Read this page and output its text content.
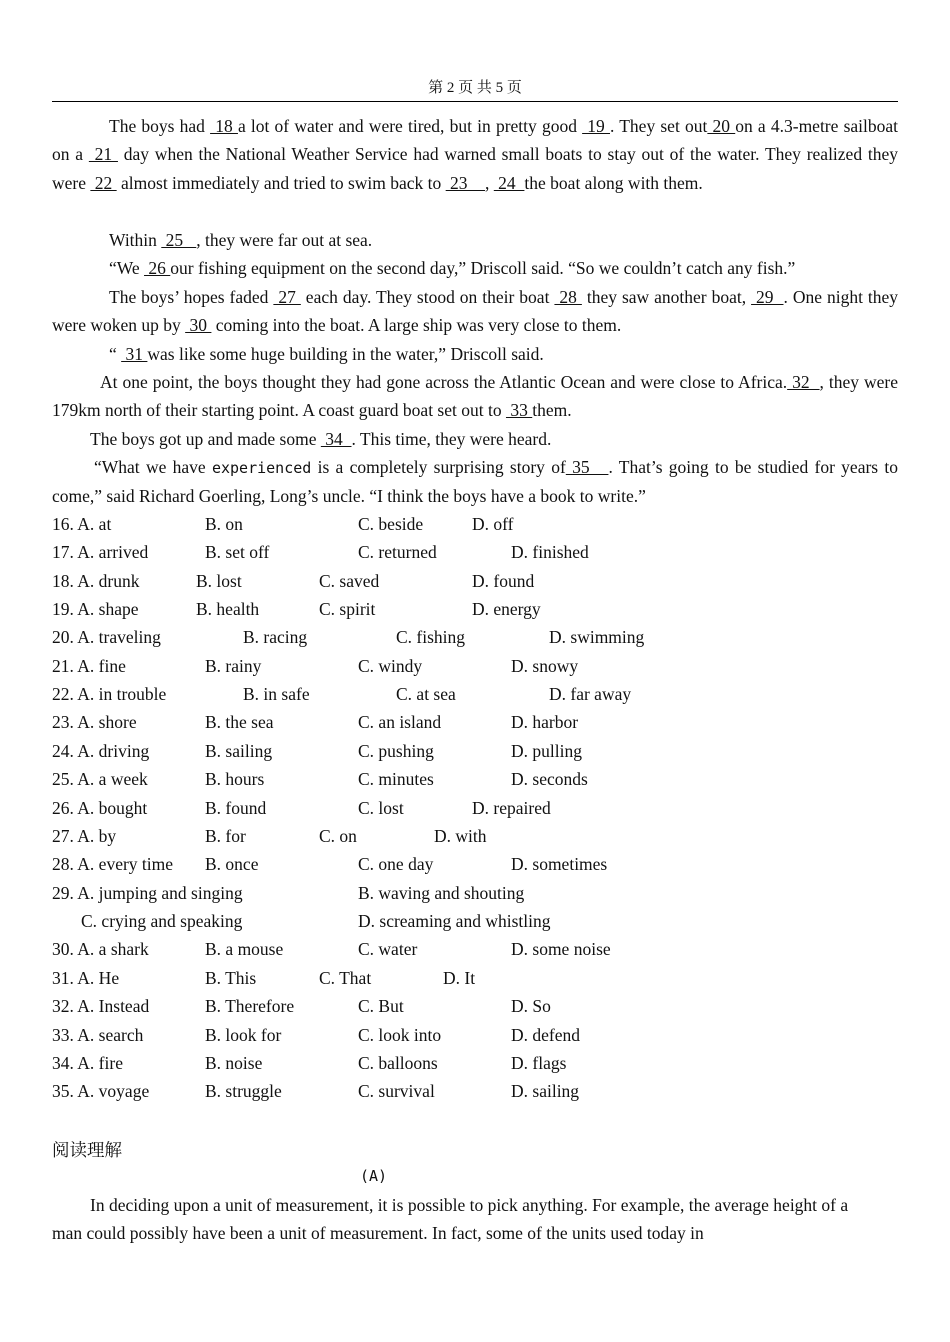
第 2 页 共 5 页

The boys had  18 a lot of water and were tired, but in pretty good  19 . They set out 20 on a 4.3-metre sailboat on a  21  day when the National Weather Service had warned small boats to stay out of the water. They realized they were  22  almost immediately and tried to swim back to  23    ,  24  the boat along with them.

Within  25   , they were far out at sea.

“We  26 our fishing equipment on the second day,” Driscoll said. “So we couldn’t catch any fish.”

The boys’ hopes faded  27  each day. They stood on their boat  28  they saw another boat,  29  . One night they were woken up by  30  coming into the boat. A large ship was very close to them.

“  31 was like some huge building in the water,” Driscoll said.

At one point, the boys thought they had gone across the Atlantic Ocean and were close to Africa. 32  , they were 179km north of their starting point. A coast guard boat set out to  33 them.

The boys got up and made some  34  . This time, they were heard.

“What we have experienced is a completely surprising story of 35   . That’s going to be studied for years to come,” said Richard Goerling, Long’s uncle. “I think the boys have a book to write.”

16. A. at	B. on	C. beside	D. off
17. A. arrived	B. set off	C. returned	D. finished
18. A. drunk	B. lost	C. saved	D. found
19. A. shape	B. health	C. spirit	D. energy
20. A. traveling	B. racing	C. fishing	D. swimming
21. A. fine	B. rainy	C. windy	D. snowy
22. A. in trouble	B. in safe	C. at sea	D. far away
23. A. shore	B. the sea	C. an island	D. harbor
24. A. driving	B. sailing	C. pushing	D. pulling
25. A. a week	B. hours	C. minutes	D. seconds
26. A. bought	B. found	C. lost	D. repaired
27. A. by	B. for	C. on	D. with
28. A. every time B. once	C. one day	D. sometimes
29. A. jumping and singing	B. waving and shouting
C. crying and speaking	D. screaming and whistling
30. A. a shark	B. a mouse	C. water	D. some noise
31. A. He	B. This	C. That	D. It
32. A. Instead	B. Therefore	C. But	D. So
33. A. search	B. look for	C. look into	D. defend
34. A. fire	B. noise	C. balloons	D. flags
35. A. voyage	B. struggle	C. survival	D. sailing
阅读理解
(A)

In deciding upon a unit of measurement, it is possible to pick anything. For example, the average height of a man could possibly have been a unit of measurement. In fact, some of the units used today in
